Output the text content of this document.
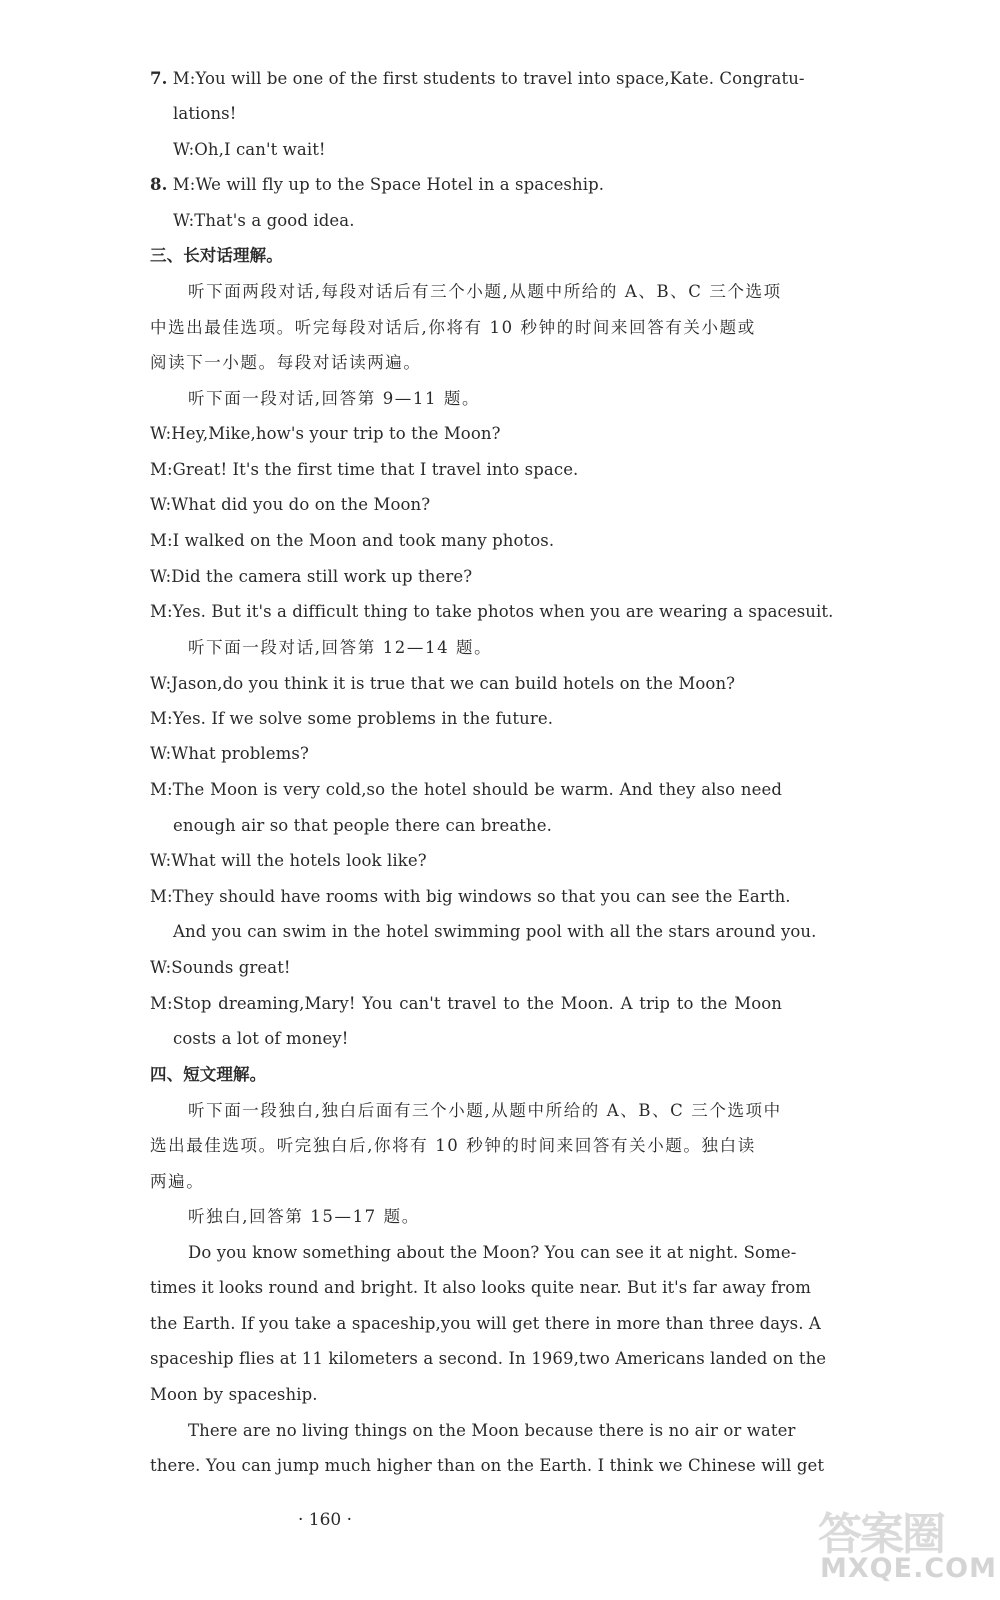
7. M:You will be one of the first students to travel into space,Kate. Congratu-
lations!
W:Oh,I can't wait!
8. M:We will fly up to the Space Hotel in a spaceship.
W:That's a good idea.
三、长对话理解。
听下面两段对话,每段对话后有三个小题,从题中所给的 A、B、C 三个选项
中选出最佳选项。听完每段对话后,你将有 10 秒钟的时间来回答有关小题或
阅读下一小题。每段对话读两遍。
听下面一段对话,回答第 9—11 题。
W:Hey,Mike,how's your trip to the Moon?
M:Great! It's the first time that I travel into space.
W:What did you do on the Moon?
M:I walked on the Moon and took many photos.
W:Did the camera still work up there?
M:Yes. But it's a difficult thing to take photos when you are wearing a spacesuit.
听下面一段对话,回答第 12—14 题。
W:Jason,do you think it is true that we can build hotels on the Moon?
M:Yes. If we solve some problems in the future.
W:What problems?
M:The Moon is very cold,so the hotel should be warm. And they also need
enough air so that people there can breathe.
W:What will the hotels look like?
M:They should have rooms with big windows so that you can see the Earth.
And you can swim in the hotel swimming pool with all the stars around you.
W:Sounds great!
M:Stop dreaming,Mary! You can't travel to the Moon. A trip to the Moon
costs a lot of money!
四、短文理解。
听下面一段独白,独白后面有三个小题,从题中所给的 A、B、C 三个选项中
选出最佳选项。听完独白后,你将有 10 秒钟的时间来回答有关小题。独白读
两遍。
听独白,回答第 15—17 题。
Do you know something about the Moon? You can see it at night. Some-
times it looks round and bright. It also looks quite near. But it's far away from
the Earth. If you take a spaceship,you will get there in more than three days. A
spaceship flies at 11 kilometers a second. In 1969,two Americans landed on the
Moon by spaceship.
There are no living things on the Moon because there is no air or water
there. You can jump much higher than on the Earth. I think we Chinese will get
· 160 ·	答案圈
MXQE.COM
